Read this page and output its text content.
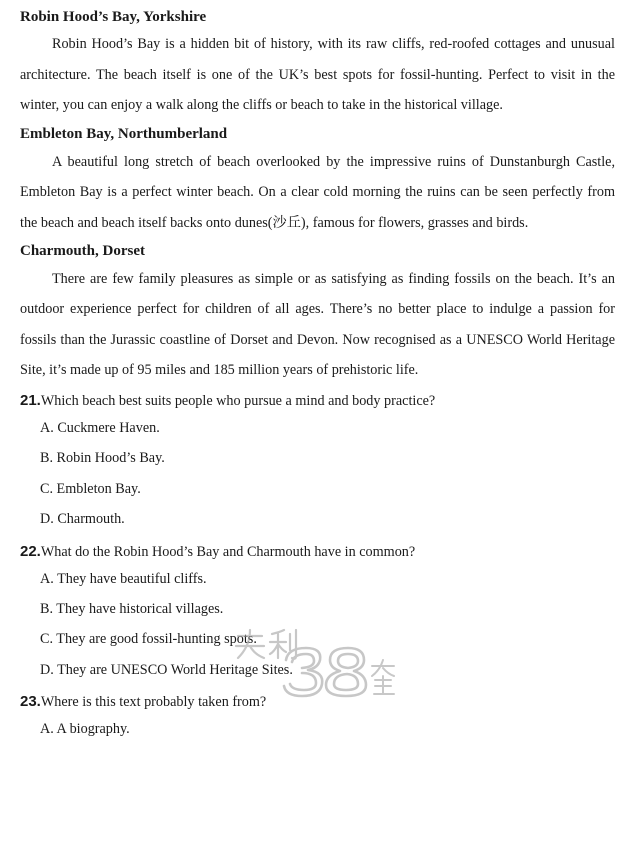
Robin Hood’s Bay, Yorkshire

Robin Hood’s Bay is a hidden bit of history, with its raw cliffs, red-roofed cottages and unusual architecture. The beach itself is one of the UK’s best spots for fossil-hunting. Perfect to visit in the winter, you can enjoy a walk along the cliffs or beach to take in the historical village.

Embleton Bay, Northumberland

A beautiful long stretch of beach overlooked by the impressive ruins of Dunstanburgh Castle, Embleton Bay is a perfect winter beach. On a clear cold morning the ruins can be seen perfectly from the beach and beach itself backs onto dunes(沙丘), famous for flowers, grasses and birds.

Charmouth, Dorset

There are few family pleasures as simple or as satisfying as finding fossils on the beach. It’s an outdoor experience perfect for children of all ages. There’s no better place to indulge a passion for fossils than the Jurassic coastline of Dorset and Devon. Now recognised as a UNESCO World Heritage Site, it’s made up of 95 miles and 185 million years of prehistoric life.

21.Which beach best suits people who pursue a mind and body practice?

A. Cuckmere Haven.

B. Robin Hood’s Bay.

C. Embleton Bay.

D. Charmouth.

22.What do the Robin Hood’s Bay and Charmouth have in common?

A. They have beautiful cliffs.

B. They have historical villages.

C. They are good fossil-hunting spots.

D. They are UNESCO World Heritage Sites.

23.Where is this text probably taken from?

A. A biography.
